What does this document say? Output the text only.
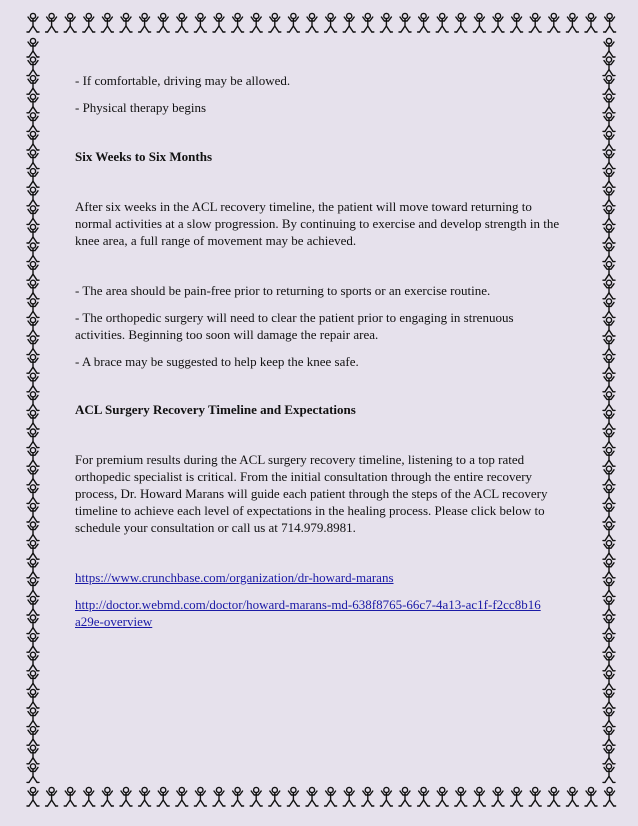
- If comfortable, driving may be allowed.

- Physical therapy begins

Six Weeks to Six Months

After six weeks in the ACL recovery timeline, the patient will move toward returning to normal activities at a slow progression. By continuing to exercise and develop strength in the knee area, a full range of movement may be achieved.

- The area should be pain-free prior to returning to sports or an exercise routine.

- The orthopedic surgery will need to clear the patient prior to engaging in strenuous activities. Beginning too soon will damage the repair area.

- A brace may be suggested to help keep the knee safe.

ACL Surgery Recovery Timeline and Expectations

For premium results during the ACL surgery recovery timeline, listening to a top rated orthopedic specialist is critical. From the initial consultation through the entire recovery process, Dr. Howard Marans will guide each patient through the steps of the ACL recovery timeline to achieve each level of expectations in the healing process. Please click below to schedule your consultation or call us at 714.979.8981.

https://www.crunchbase.com/organization/dr-howard-marans

http://doctor.webmd.com/doctor/howard-marans-md-638f8765-66c7-4a13-ac1f-f2cc8b16a29e-overview
